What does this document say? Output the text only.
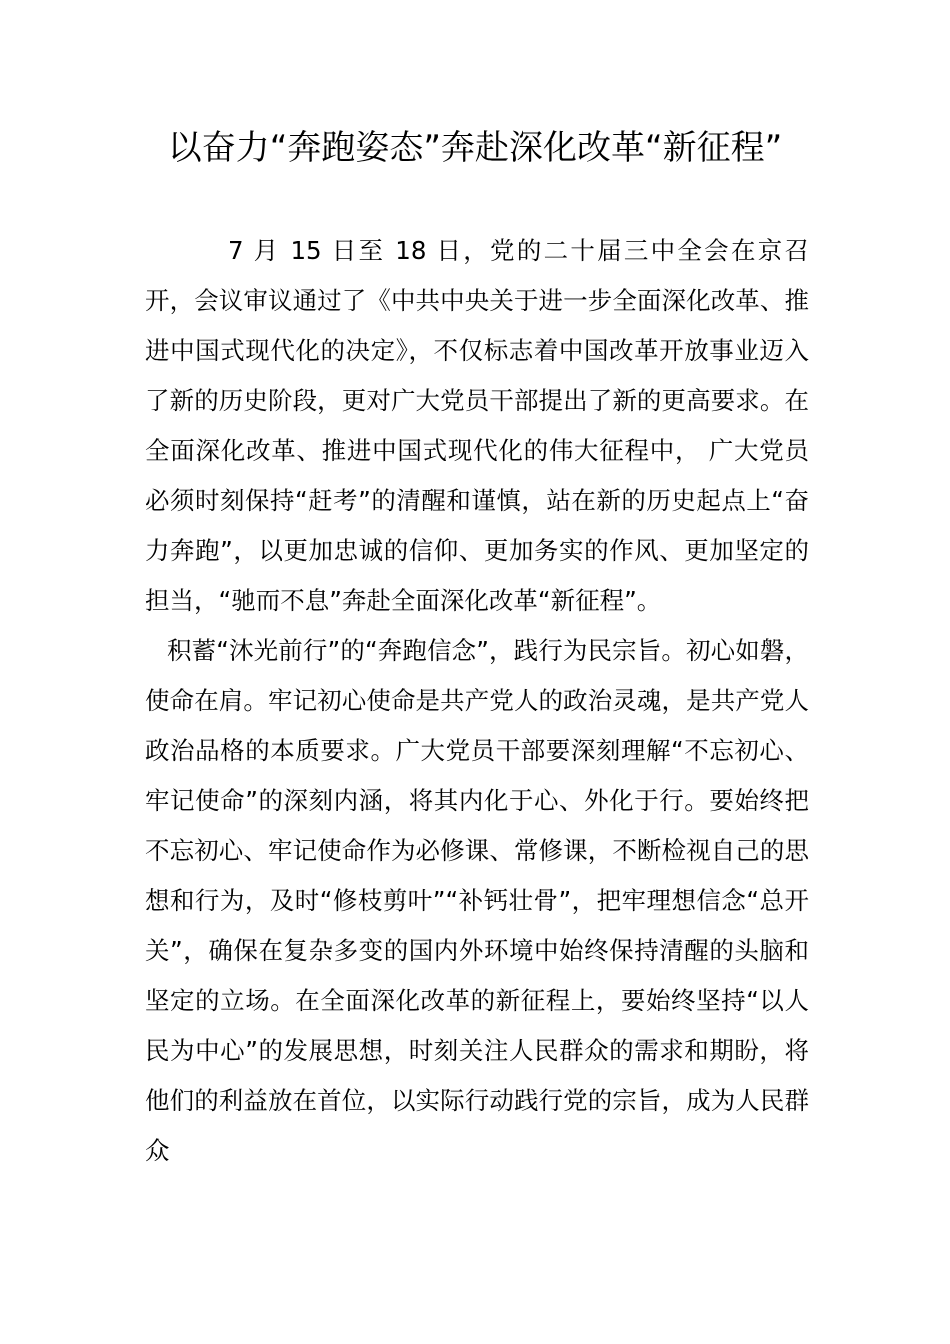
以奋力“奔跑姿态”奔赴深化改革“新征程”

7 月 15 日至 18 日，党的二十届三中全会在京召开，会议审议通过了《中共中央关于进一步全面深化改革、推进中国式现代化的决定》，不仅标志着中国改革开放事业迈入了新的历史阶段，更对广大党员干部提出了新的更高要求。在全面深化改革、推进中国式现代化的伟大征程中， 广大党员必须时刻保持“赶考”的清醒和谨慎，站在新的历史起点上“奋力奔跑”，以更加忠诚的信仰、更加务实的作风、更加坚定的担当，“驰而不息”奔赴全面深化改革“新征程”。

积蓄“沐光前行”的“奔跑信念”，践行为民宗旨。初心如磐，使命在肩。牢记初心使命是共产党人的政治灵魂，是共产党人政治品格的本质要求。广大党员干部要深刻理解“不忘初心、牢记使命”的深刻内涵，将其内化于心、外化于行。要始终把不忘初心、牢记使命作为必修课、常修课，不断检视自己的思想和行为，及时“修枝剪叶”“补钙壮骨”，把牢理想信念“总开关”，确保在复杂多变的国内外环境中始终保持清醒的头脑和坚定的立场。在全面深化改革的新征程上，要始终坚持“以人民为中心”的发展思想，时刻关注人民群众的需求和期盼，将他们的利益放在首位，以实际行动践行党的宗旨，成为人民群众
